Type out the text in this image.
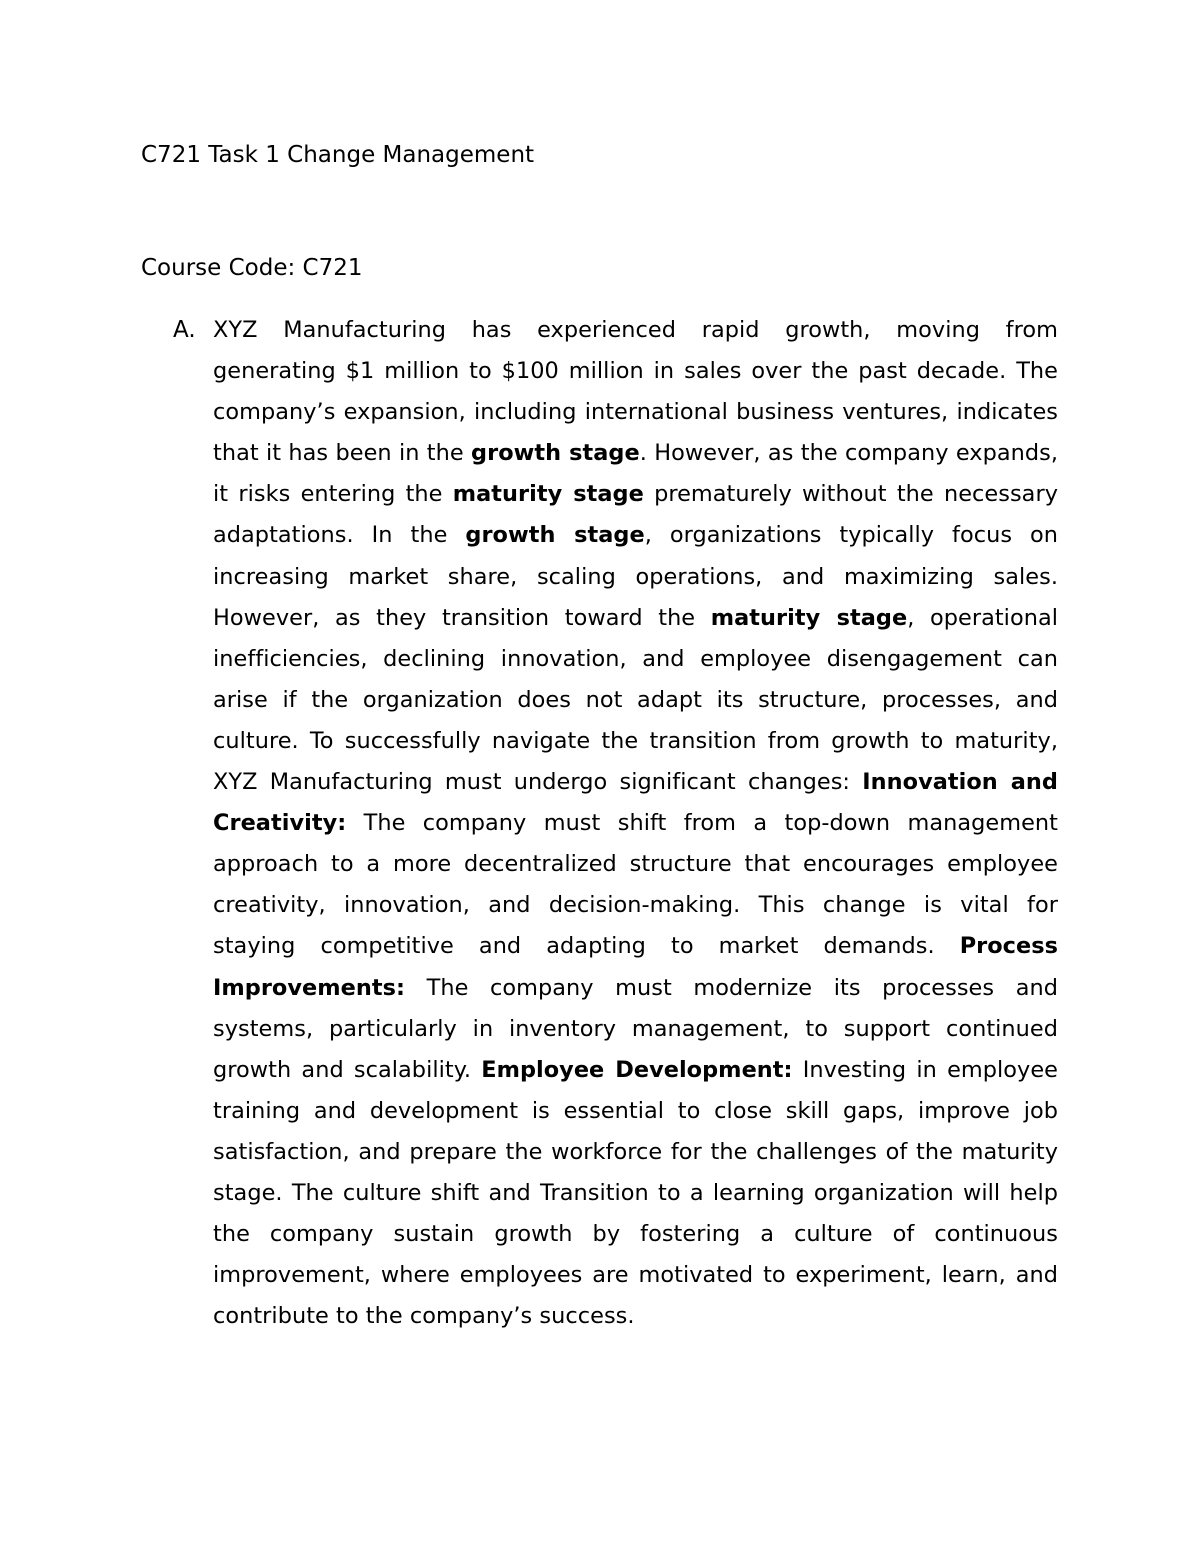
C721 Task 1 Change Management
Course Code: C721
A. XYZ Manufacturing has experienced rapid growth, moving from generating $1 million to $100 million in sales over the past decade. The company’s expansion, including international business ventures, indicates that it has been in the growth stage. However, as the company expands, it risks entering the maturity stage prematurely without the necessary adaptations. In the growth stage, organizations typically focus on increasing market share, scaling operations, and maximizing sales. However, as they transition toward the maturity stage, operational inefficiencies, declining innovation, and employee disengagement can arise if the organization does not adapt its structure, processes, and culture. To successfully navigate the transition from growth to maturity, XYZ Manufacturing must undergo significant changes: Innovation and Creativity: The company must shift from a top-down management approach to a more decentralized structure that encourages employee creativity, innovation, and decision-making. This change is vital for staying competitive and adapting to market demands. Process Improvements: The company must modernize its processes and systems, particularly in inventory management, to support continued growth and scalability. Employee Development: Investing in employee training and development is essential to close skill gaps, improve job satisfaction, and prepare the workforce for the challenges of the maturity stage. The culture shift and Transition to a learning organization will help the company sustain growth by fostering a culture of continuous improvement, where employees are motivated to experiment, learn, and contribute to the company’s success.
